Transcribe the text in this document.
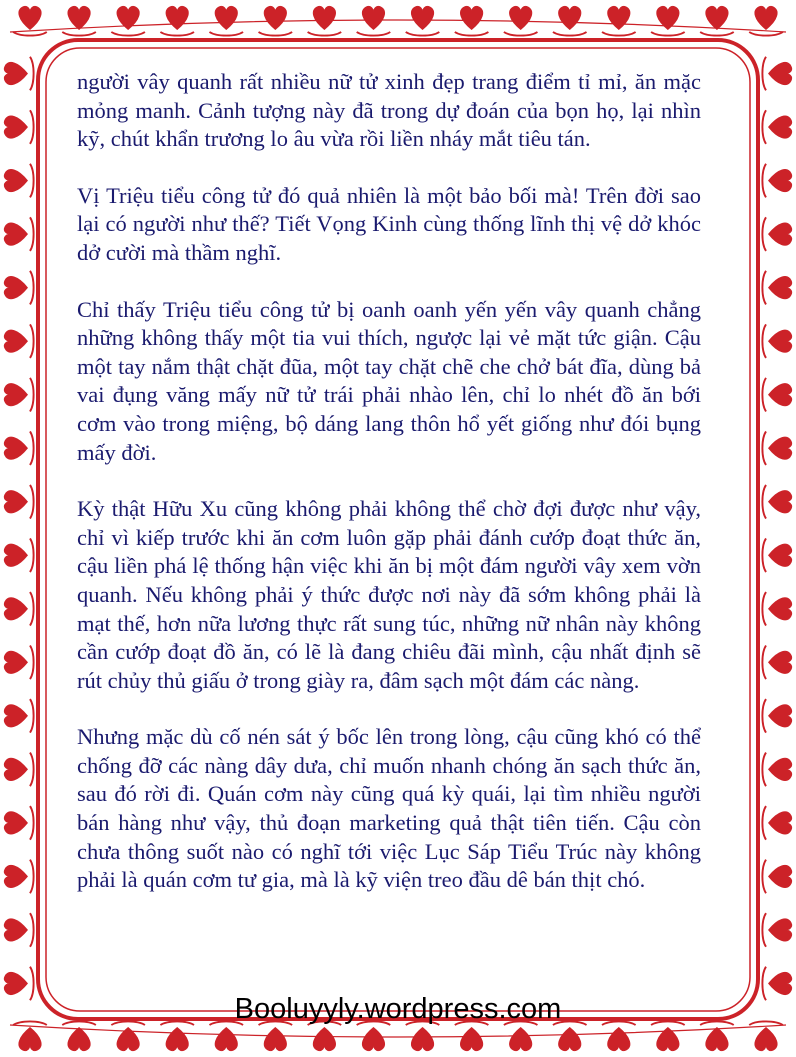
người vây quanh rất nhiều nữ tử xinh đẹp trang điểm tỉ mỉ, ăn mặc mỏng manh. Cảnh tượng này đã trong dự đoán của bọn họ, lại nhìn kỹ, chút khẩn trương lo âu vừa rồi liền nháy mắt tiêu tán.

Vị Triệu tiểu công tử đó quả nhiên là một bảo bối mà! Trên đời sao lại có người như thế? Tiết Vọng Kinh cùng thống lĩnh thị vệ dở khóc dở cười mà thầm nghĩ.

Chỉ thấy Triệu tiểu công tử bị oanh oanh yến yến vây quanh chẳng những không thấy một tia vui thích, ngược lại vẻ mặt tức giận. Cậu một tay nắm thật chặt đũa, một tay chặt chẽ che chở bát đĩa, dùng bả vai đụng văng mấy nữ tử trái phải nhào lên, chỉ lo nhét đồ ăn bới cơm vào trong miệng, bộ dáng lang thôn hổ yết giống như đói bụng mấy đời.

Kỳ thật Hữu Xu cũng không phải không thể chờ đợi được như vậy, chỉ vì kiếp trước khi ăn cơm luôn gặp phải đánh cướp đoạt thức ăn, cậu liền phá lệ thống hận việc khi ăn bị một đám người vây xem vờn quanh. Nếu không phải ý thức được nơi này đã sớm không phải là mạt thế, hơn nữa lương thực rất sung túc, những nữ nhân này không cần cướp đoạt đồ ăn, có lẽ là đang chiêu đãi mình, cậu nhất định sẽ rút chủy thủ giấu ở trong giày ra, đâm sạch một đám các nàng.

Nhưng mặc dù cố nén sát ý bốc lên trong lòng, cậu cũng khó có thể chống đỡ các nàng dây dưa, chỉ muốn nhanh chóng ăn sạch thức ăn, sau đó rời đi. Quán cơm này cũng quá kỳ quái, lại tìm nhiều người bán hàng như vậy, thủ đoạn marketing quả thật tiên tiến. Cậu còn chưa thông suốt nào có nghĩ tới việc Lục Sáp Tiểu Trúc này không phải là quán cơm tư gia, mà là kỹ viện treo đầu dê bán thịt chó.

Booluyyly.wordpress.com
